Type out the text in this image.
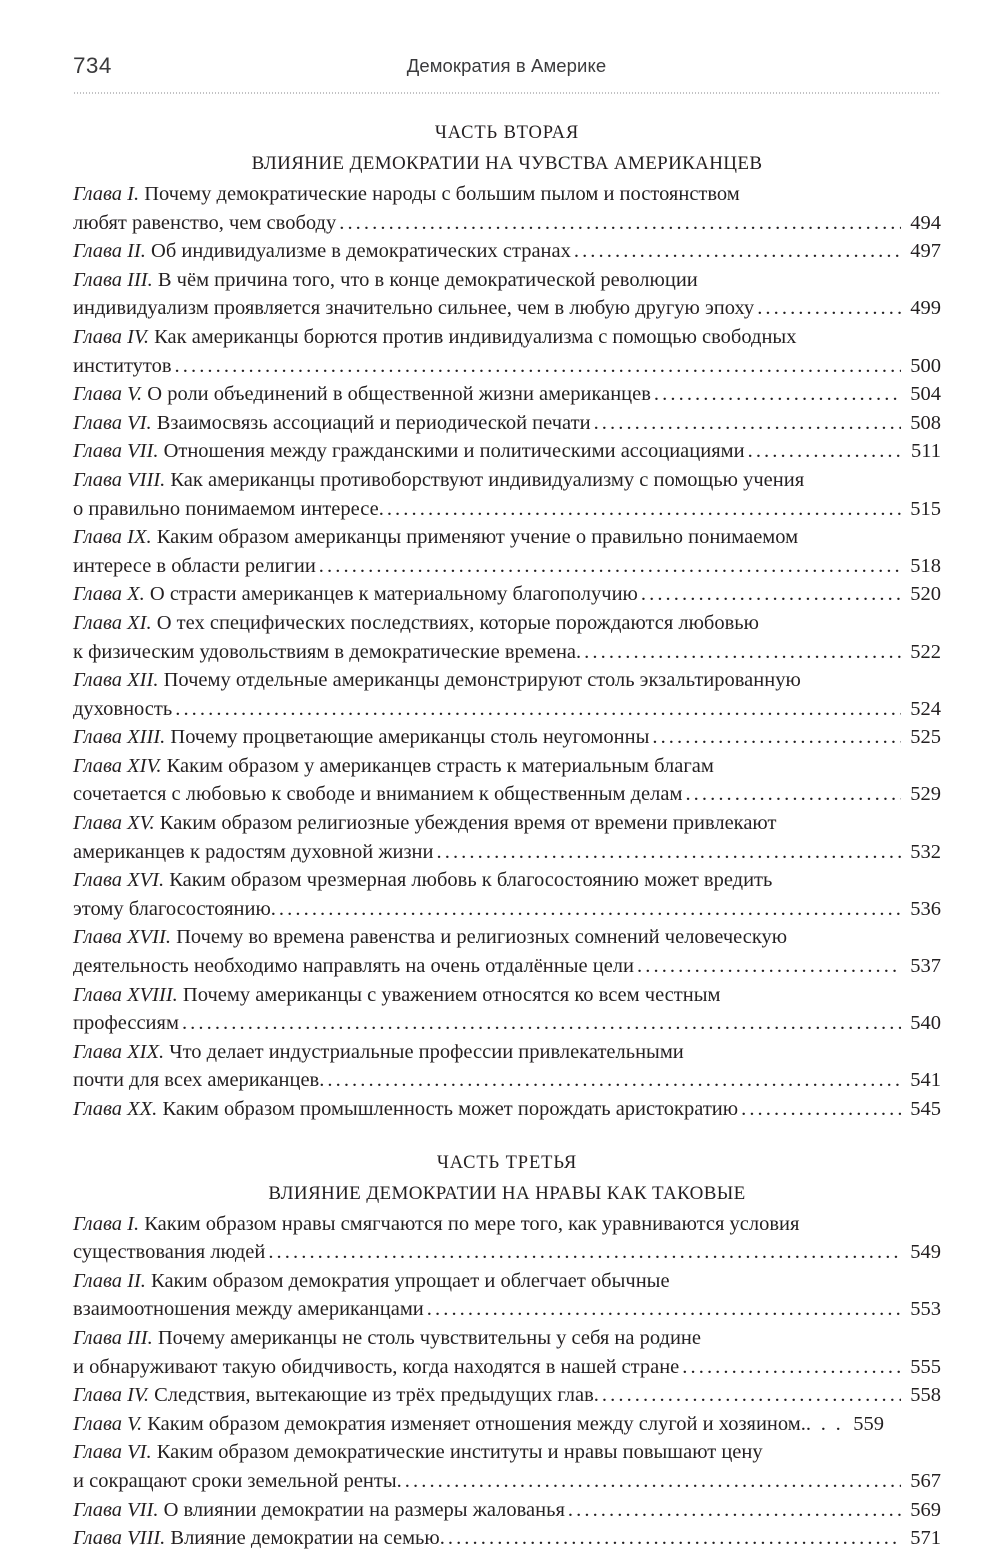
734	Демократия в Америке
ЧАСТЬ ВТОРАЯ
ВЛИЯНИЕ ДЕМОКРАТИИ НА ЧУВСТВА АМЕРИКАНЦЕВ
Глава I. Почему демократические народы с большим пылом и постоянством
любят равенство, чем свободу .....	494
Глава II. Об индивидуализме в демократических странах .....	497
Глава III. В чём причина того, что в конце демократической революции
индивидуализм проявляется значительно сильнее, чем в любую другую эпоху .....	499
Глава IV. Как американцы борются против индивидуализма с помощью свободных
институтов .....	500
Глава V. О роли объединений в общественной жизни американцев .....	504
Глава VI. Взаимосвязь ассоциаций и периодической печати .....	508
Глава VII. Отношения между гражданскими и политическими ассоциациями .....	511
Глава VIII. Как американцы противоборствуют индивидуализму с помощью учения
о правильно понимаемом интересе. .....	515
Глава IX. Каким образом американцы применяют учение о правильно понимаемом
интересе в области религии .....	518
Глава X. О страсти американцев к материальному благополучию .....	520
Глава XI. О тех специфических последствиях, которые порождаются любовью
к физическим удовольствиям в демократические времена. .....	522
Глава XII. Почему отдельные американцы демонстрируют столь экзальтированную
духовность .....	524
Глава XIII. Почему процветающие американцы столь неугомонны .....	525
Глава XIV. Каким образом у американцев страсть к материальным благам
сочетается с любовью к свободе и вниманием к общественным делам .....	529
Глава XV. Каким образом религиозные убеждения время от времени привлекают
американцев к радостям духовной жизни .....	532
Глава XVI. Каким образом чрезмерная любовь к благосостоянию может вредить
этому благосостоянию. .....	536
Глава XVII. Почему во времена равенства и религиозных сомнений человеческую
деятельность необходимо направлять на очень отдалённые цели .....	537
Глава XVIII. Почему американцы с уважением относятся ко всем честным
профессиям .....	540
Глава XIX. Что делает индустриальные профессии привлекательными
почти для всех американцев. .....	541
Глава XX. Каким образом промышленность может порождать аристократию .....	545
ЧАСТЬ ТРЕТЬЯ
ВЛИЯНИЕ ДЕМОКРАТИИ НА НРАВЫ КАК ТАКОВЫЕ
Глава I. Каким образом нравы смягчаются по мере того, как уравниваются условия
существования людей .....	549
Глава II. Каким образом демократия упрощает и облегчает обычные
взаимоотношения между американцами .....	553
Глава III. Почему американцы не столь чувствительны у себя на родине
и обнаруживают такую обидчивость, когда находятся в нашей стране .....	555
Глава IV. Следствия, вытекающие из трёх предыдущих глав. .....	558
Глава V. Каким образом демократия изменяет отношения между слугой и хозяином. . . . 559
Глава VI. Каким образом демократические институты и нравы повышают цену
и сокращают сроки земельной ренты. .....	567
Глава VII. О влиянии демократии на размеры жалованья .....	569
Глава VIII. Влияние демократии на семью. .....	571
